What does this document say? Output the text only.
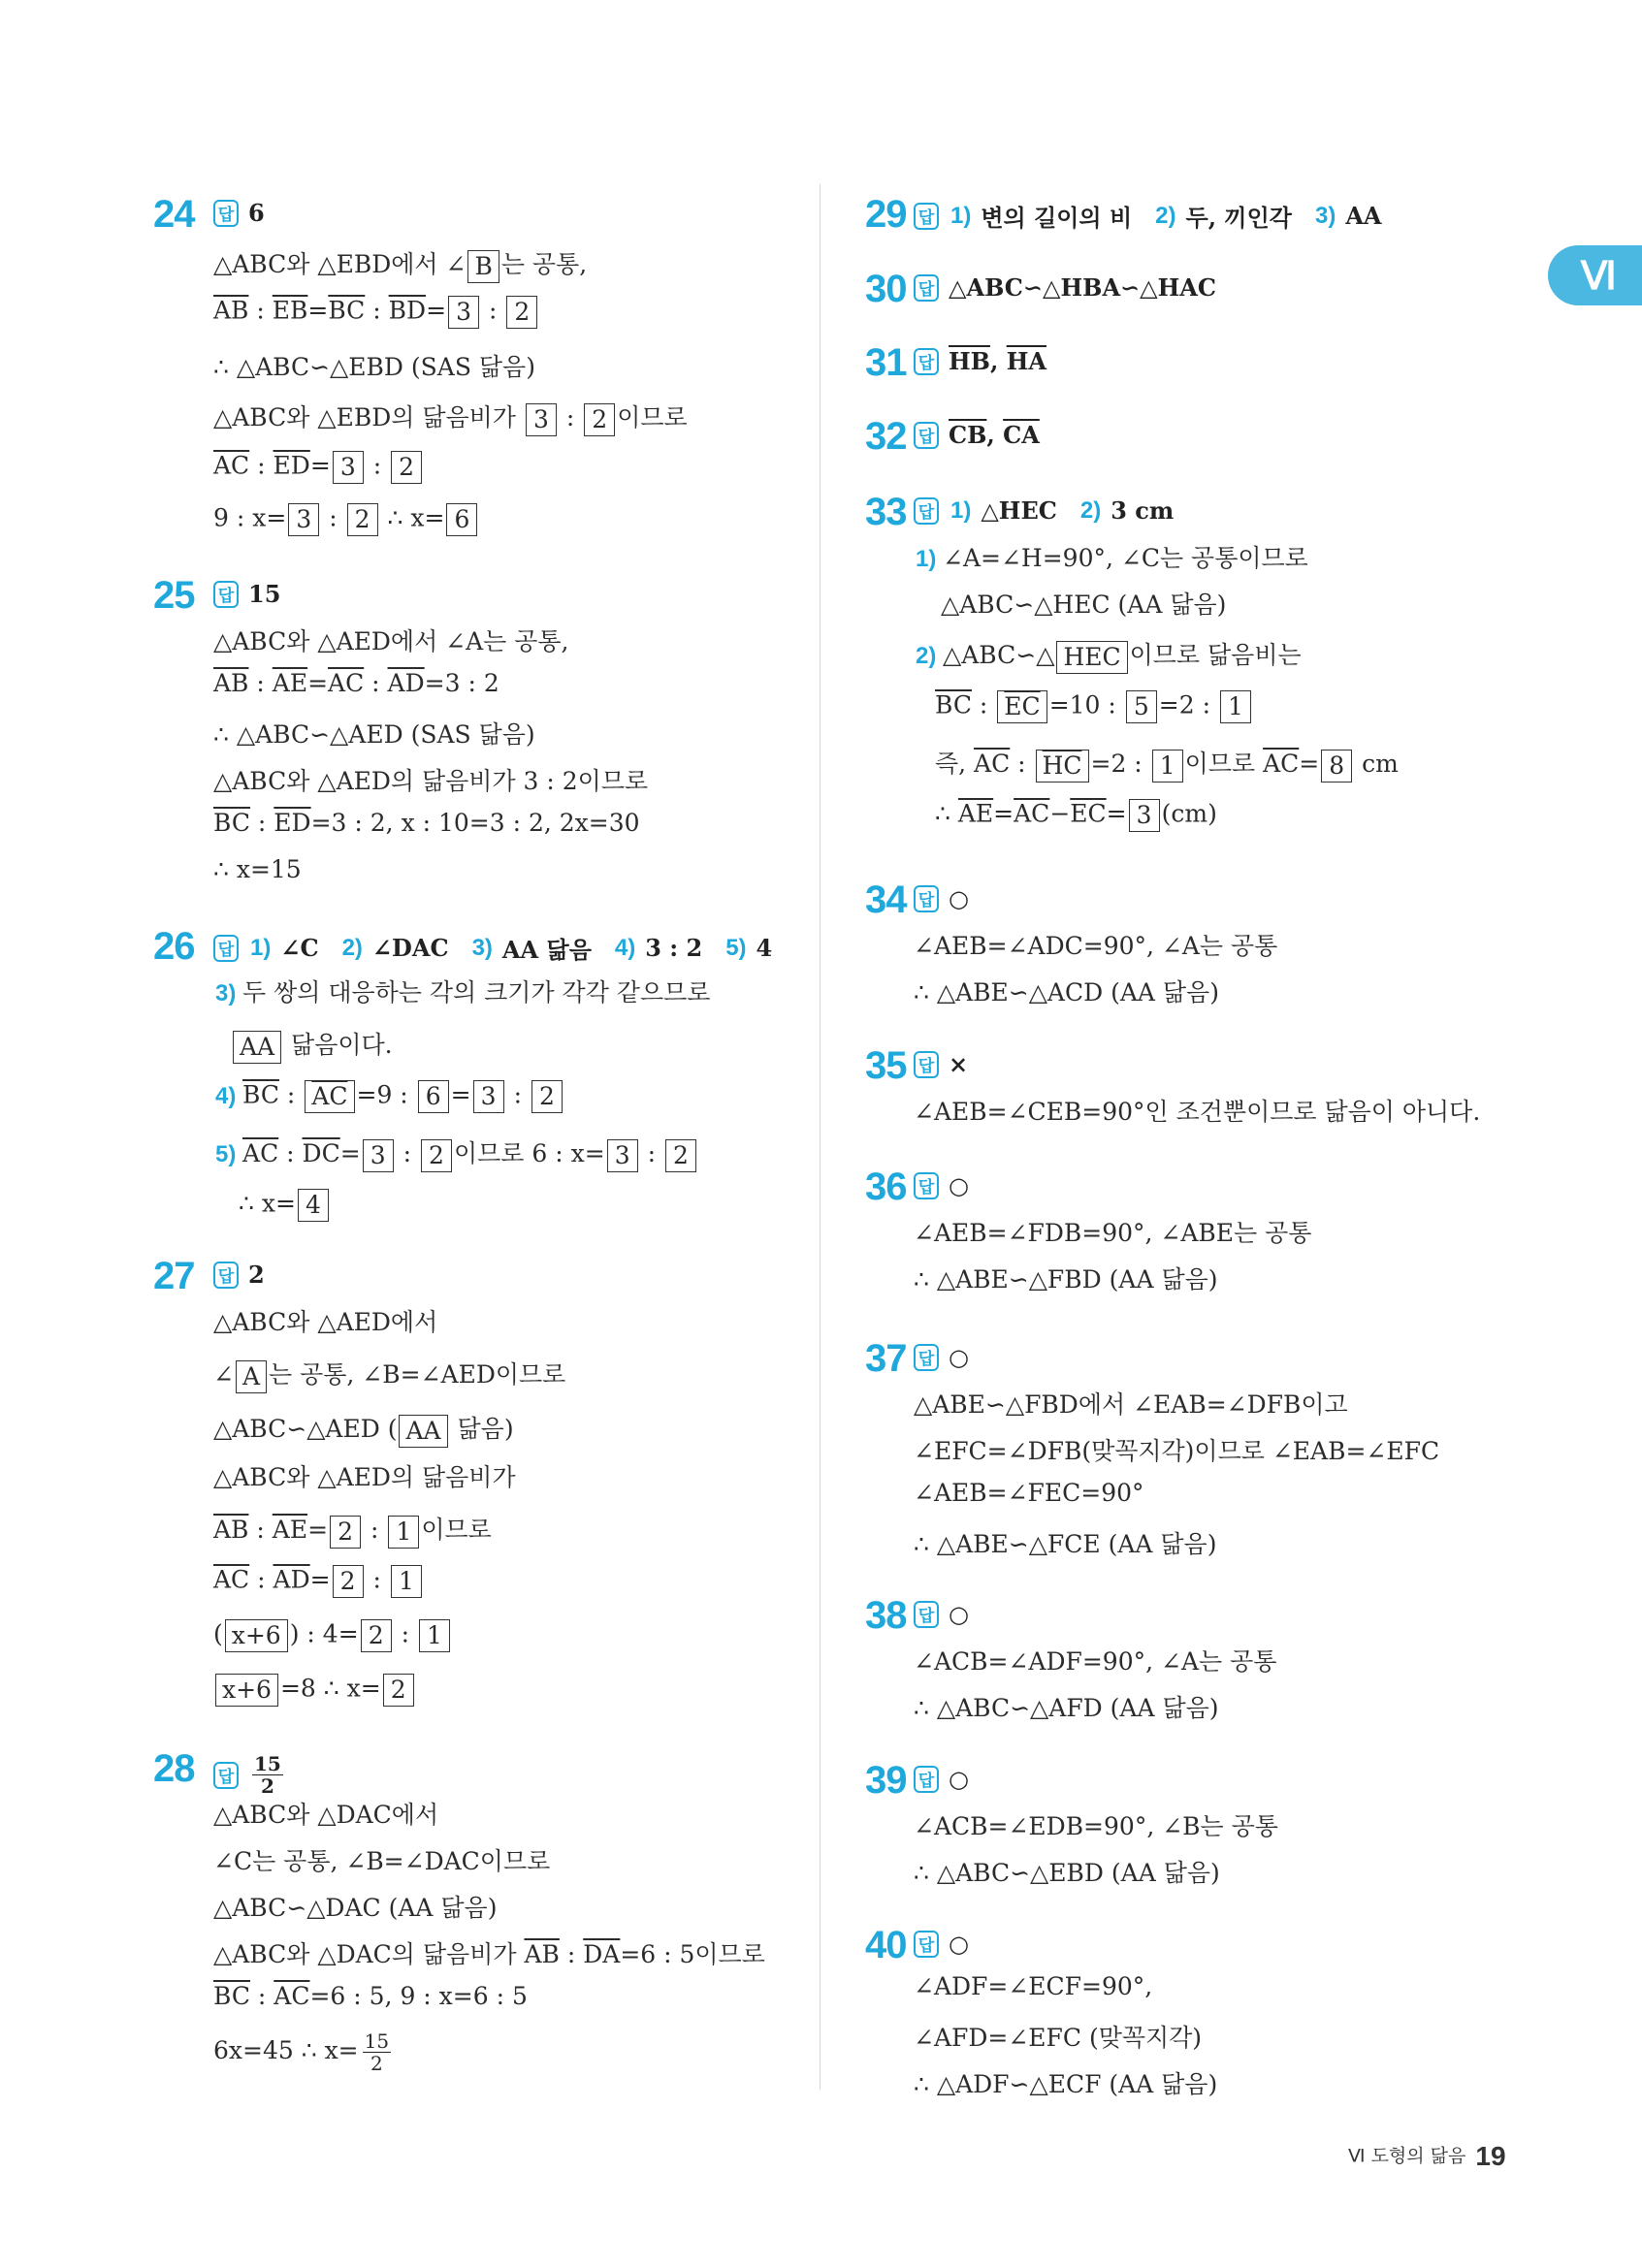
Ⅵ
24 답 6
△ABC와 △EBD에서 ∠ B 는 공통,
$\overline{AB}$ : $\overline{EB}=\overline{BC}$ : $\overline{BD}= 3$ : 2
∴ △ABC∽△EBD (SAS 닮음)
△ABC와 △EBD의 닮음비가 3 : 2 이므로
$\overline{AC}$ : $\overline{ED}= 3$ : 2
9 : x= 3 : 2 ∴ x= 6
25 답 15
△ABC와 △AED에서 ∠A는 공통,
$\overline{AB}$ : $\overline{AE}=\overline{AC}$ : $\overline{AD}=3$ : 2
∴ △ABC∽△AED (SAS 닮음)
△ABC와 △AED의 닮음비가 3 : 2이므로
$\overline{BC}$ : $\overline{ED}=3$ : 2, x : 10=3 : 2, 2x=30
∴ x=15
26 답 1) ∠C 2) ∠DAC 3) AA 닮음 4) 3 : 2 5) 4
3) 두 쌍의 대응하는 각의 크기가 각각 같으므로
AA 닮음이다.
4) $\overline{BC}$ : $\overline{AC} =9$ : 6 = 3 : 2
5) $\overline{AC}$ : $\overline{DC}= 3$ : 2 이므로 6 : x= 3 : 2
∴ x= 4
27 답 2
△ABC와 △AED에서
∠ A 는 공통, ∠B=∠AED이므로
△ABC∽△AED ( AA 닮음)
△ABC와 △AED의 닮음비가
$\overline{AB}$ : $\overline{AE}= 2$ : 1 이므로
$\overline{AC}$ : $\overline{AD}= 2$ : 1
( x+6 ) : 4= 2 : 1
x+6 =8 ∴ x= 2
28 답 $\frac{15}{2}$
△ABC와 △DAC에서
∠C는 공통, ∠B=∠DAC이므로
△ABC∽△DAC (AA 닮음)
△ABC와 △DAC의 닮음비가 $\overline{AB}$ : $\overline{DA}=6$ : 5이므로
$\overline{BC}$ : $\overline{AC}=6$ : 5, 9 : x=6 : 5
6x=45 ∴ $x= \frac{15}{2}$
29 답 1) 변의 길이의 비 2) 두, 끼인각 3) AA
30 답 △ABC∽△HBA∽△HAC
31 답 $\overline{HB}$, $\overline{HA}$
32 답 $\overline{CB}$, $\overline{CA}$
33 답 1) △HEC 2) 3 cm
1) ∠A=∠H=90°, ∠C는 공통이므로
△ABC∽△HEC (AA 닮음)
2) △ABC∽△ HEC 이므로 닮음비는
$\overline{BC}$ : $\overline{EC} =10$ : 5 =2 : 1
즉, $\overline{AC}$ : $\overline{HC} =2$ : 1 이므로 $\overline{AC}= 8$ cm
∴ $\overline{AE}=\overline{AC}-\overline{EC}= 3$ (cm)
34 답 ○
∠AEB=∠ADC=90°, ∠A는 공통
∴ △ABE∽△ACD (AA 닮음)
35 답 ×
∠AEB=∠CEB=90°인 조건뿐이므로 닮음이 아니다.
36 답 ○
∠AEB=∠FDB=90°, ∠ABE는 공통
∴ △ABE∽△FBD (AA 닮음)
37 답 ○
△ABE∽△FBD에서 ∠EAB=∠DFB이고
∠EFC=∠DFB(맞꼭지각)이므로 ∠EAB=∠EFC
∠AEB=∠FEC=90°
∴ △ABE∽△FCE (AA 닮음)
38 답 ○
∠ACB=∠ADF=90°, ∠A는 공통
∴ △ABC∽△AFD (AA 닮음)
39 답 ○
∠ACB=∠EDB=90°, ∠B는 공통
∴ △ABC∽△EBD (AA 닮음)
40 답 ○
∠ADF=∠ECF=90°,
∠AFD=∠EFC (맞꼭지각)
∴ △ADF∽△ECF (AA 닮음)
Ⅵ 도형의 닮음 19
